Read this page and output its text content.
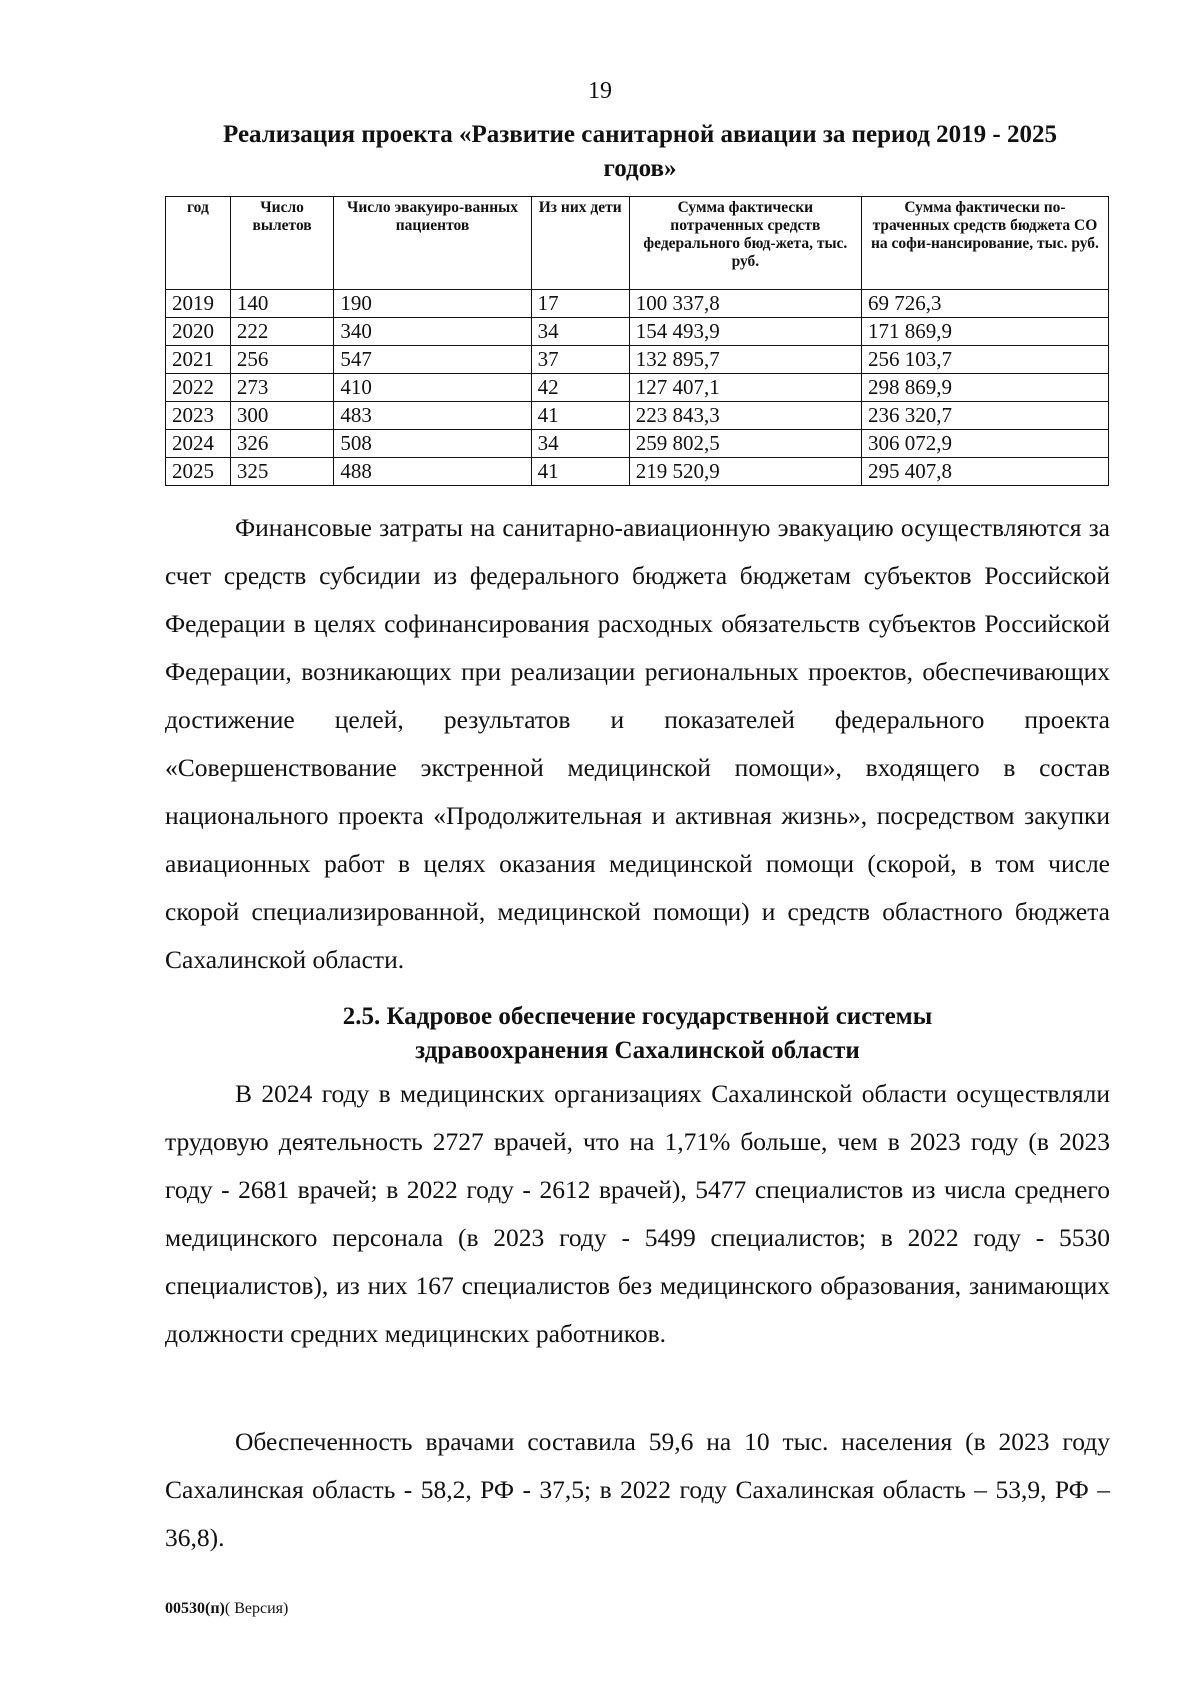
19
Реализация проекта «Развитие санитарной авиации за период 2019 - 2025
годов»
год	Число вылетов	Число эвакуиро-ванных пациентов	Из них дети	Сумма фактически потраченных средств федерального бюд-жета, тыс. руб.	Сумма фактически по-траченных средств бюджета СО на софи-нансирование, тыс. руб.
2019	140	190	17	100 337,8	69 726,3
2020	222	340	34	154 493,9	171 869,9
2021	256	547	37	132 895,7	256 103,7
2022	273	410	42	127 407,1	298 869,9
2023	300	483	41	223 843,3	236 320,7
2024	326	508	34	259 802,5	306 072,9
2025	325	488	41	219 520,9	295 407,8
Финансовые затраты на санитарно-авиационную эвакуацию осуществляются за счет средств субсидии из федерального бюджета бюджетам субъектов Российской Федерации в целях софинансирования расходных обязательств субъектов Российской Федерации, возникающих при реализации региональных проектов, обеспечивающих достижение целей, результатов и показателей федерального проекта «Совершенствование экстренной медицинской помощи», входящего в состав национального проекта «Продолжительная и активная жизнь», посредством закупки авиационных работ в целях оказания медицинской помощи (скорой, в том числе скорой специализированной, медицинской помощи) и средств областного бюджета Сахалинской области.
2.5. Кадровое обеспечение государственной системы
здравоохранения Сахалинской области
В 2024 году в медицинских организациях Сахалинской области осуществляли трудовую деятельность 2727 врачей, что на 1,71% больше, чем в 2023 году (в 2023 году - 2681 врачей; в 2022 году - 2612 врачей), 5477 специалистов из числа среднего медицинского персонала (в 2023 году - 5499 специалистов; в 2022 году - 5530 специалистов), из них 167 специалистов без медицинского образования, занимающих должности средних медицинских работников.
Обеспеченность врачами составила 59,6 на 10 тыс. населения (в 2023 году Сахалинская область - 58,2, РФ - 37,5; в 2022 году Сахалинская область – 53,9, РФ – 36,8).
00530(п)( Версия)
